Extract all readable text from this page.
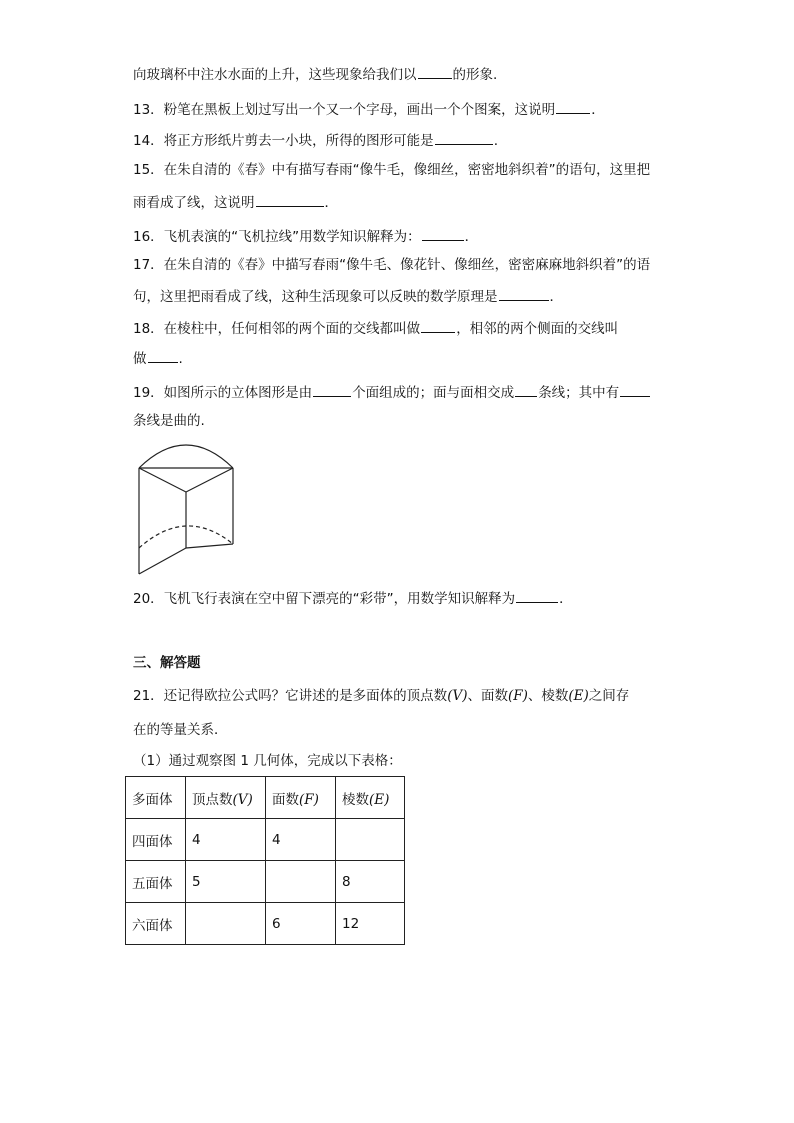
向玻璃杯中注水水面的上升，这些现象给我们以	的形象.
13．粉笔在黑板上划过写出一个又一个字母，画出一个个图案，这说明	．
14．将正方形纸片剪去一小块，所得的图形可能是	.
15．在朱自清的《春》中有描写春雨“像牛毛，像细丝，密密地斜织着”的语句，这里把
雨看成了线，这说明	．
16．飞机表演的“飞机拉线”用数学知识解释为：	．
17．在朱自清的《春》中描写春雨“像牛毛、像花针、像细丝，密密麻麻地斜织着”的语
句，这里把雨看成了线，这种生活现象可以反映的数学原理是	．
18．在棱柱中，任何相邻的两个面的交线都叫做	，相邻的两个侧面的交线叫
做 .
19．如图所示的立体图形是由	个面组成的；面与面相交成 条线；其中有
条线是曲的.
20．飞机飞行表演在空中留下漂亮的“彩带”，用数学知识解释为	．
三、解答题
21．还记得欧拉公式吗？它讲述的是多面体的顶点数(V)、面数(F)、棱数(E)之间存
在的等量关系．
（1）通过观察图 1 几何体，完成以下表格：
多面体	顶点数(V)	面数(F)	棱数(E)
四面体	4	4	
五面体	5		8
六面体		6	12
